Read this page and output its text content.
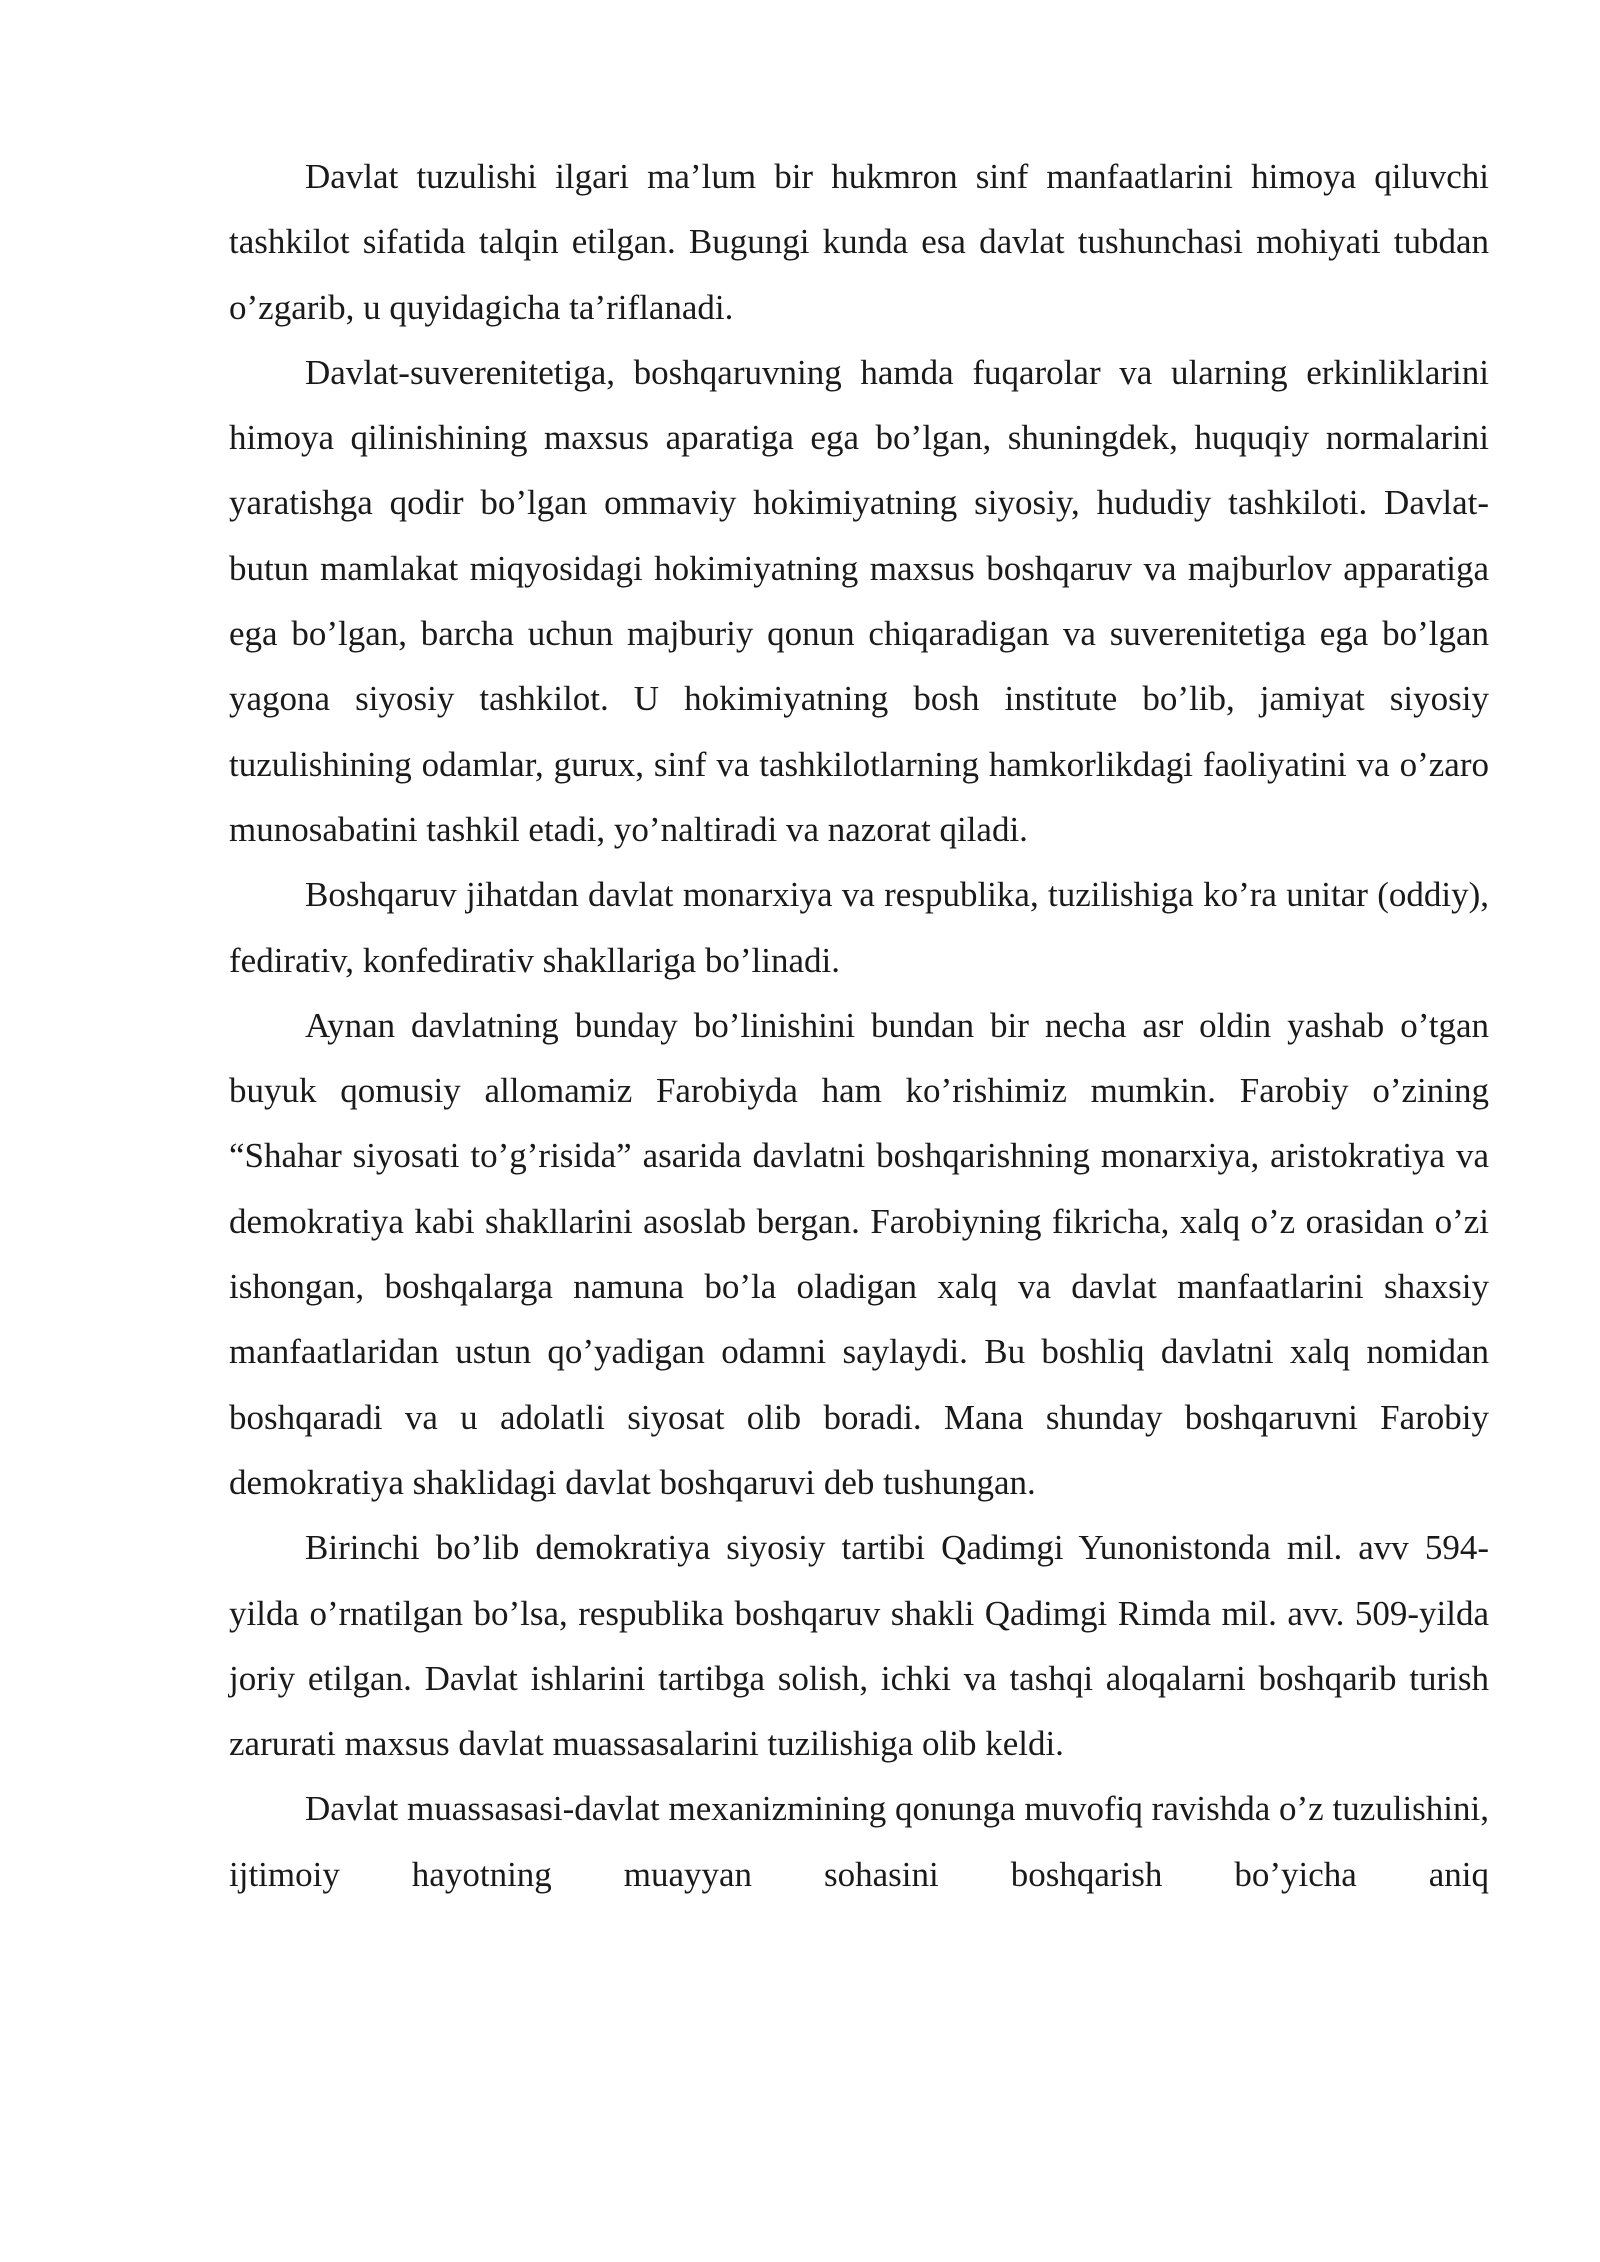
Davlat tuzulishi ilgari ma’lum bir hukmron sinf manfaatlarini himoya qiluvchi tashkilot sifatida talqin etilgan. Bugungi kunda esa davlat tushunchasi mohiyati tubdan o’zgarib, u quyidagicha ta’riflanadi.

Davlat-suverenitetiga, boshqaruvning hamda fuqarolar va ularning erkinliklarini himoya qilinishining maxsus aparatiga ega bo’lgan, shuningdek, huquqiy normalarini yaratishga qodir bo’lgan ommaviy hokimiyatning siyosiy, hududiy tashkiloti. Davlat-butun mamlakat miqyosidagi hokimiyatning maxsus boshqaruv va majburlov apparatiga ega bo’lgan, barcha uchun majburiy qonun chiqaradigan va suverenitetiga ega bo’lgan yagona siyosiy tashkilot. U hokimiyatning bosh institute bo’lib, jamiyat siyosiy tuzulishining odamlar, gurux, sinf va tashkilotlarning hamkorlikdagi faoliyatini va o’zaro munosabatini tashkil etadi, yo’naltiradi va nazorat qiladi.

Boshqaruv jihatdan davlat monarxiya va respublika, tuzilishiga ko’ra unitar (oddiy), fedirativ, konfedirativ shakllariga bo’linadi.

Aynan davlatning bunday bo’linishini bundan bir necha asr oldin yashab o’tgan buyuk qomusiy allomamiz Farobiyda ham ko’rishimiz mumkin. Farobiy o’zining “Shahar siyosati to’g’risida” asarida davlatni boshqarishning monarxiya, aristokratiya va demokratiya kabi shakllarini asoslab bergan. Farobiyning fikricha, xalq o’z orasidan o’zi ishongan, boshqalarga namuna bo’la oladigan xalq va davlat manfaatlarini shaxsiy manfaatlaridan ustun qo’yadigan odamni saylaydi. Bu boshliq davlatni xalq nomidan boshqaradi va u adolatli siyosat olib boradi. Mana shunday boshqaruvni Farobiy demokratiya shaklidagi davlat boshqaruvi deb tushungan.

Birinchi bo’lib demokratiya siyosiy tartibi Qadimgi Yunonistonda mil. avv 594-yilda o’rnatilgan bo’lsa, respublika boshqaruv shakli Qadimgi Rimda mil. avv. 509-yilda joriy etilgan. Davlat ishlarini tartibga solish, ichki va tashqi aloqalarni boshqarib turish zarurati maxsus davlat muassasalarini tuzilishiga olib keldi.

Davlat muassasasi-davlat mexanizmining qonunga muvofiq ravishda o’z tuzulishini, ijtimoiy hayotning muayyan sohasini boshqarish bo’yicha aniq
